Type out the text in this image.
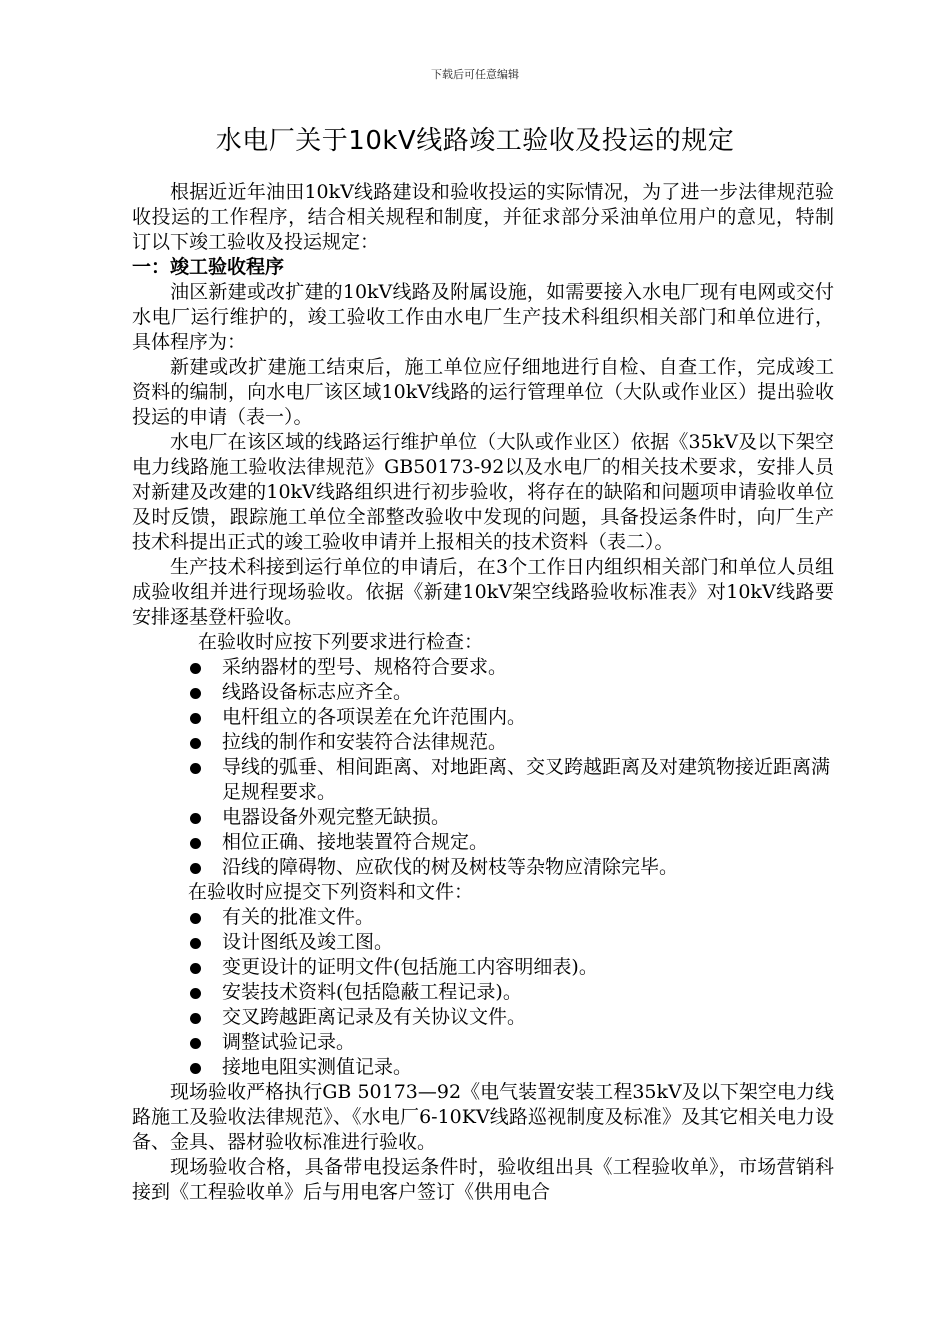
下载后可任意编辑
水电厂关于10kV线路竣工验收及投运的规定

根据近近年油田10kV线路建设和验收投运的实际情况，为了进一步法律规范验收投运的工作程序，结合相关规程和制度，并征求部分采油单位用户的意见，特制订以下竣工验收及投运规定：

一：竣工验收程序

油区新建或改扩建的10kV线路及附属设施，如需要接入水电厂现有电网或交付水电厂运行维护的，竣工验收工作由水电厂生产技术科组织相关部门和单位进行，具体程序为：

新建或改扩建施工结束后，施工单位应仔细地进行自检、自查工作，完成竣工资料的编制，向水电厂该区域10kV线路的运行管理单位（大队或作业区）提出验收投运的申请（表一）。

水电厂在该区域的线路运行维护单位（大队或作业区）依据《35kV及以下架空电力线路施工验收法律规范》GB50173-92以及水电厂的相关技术要求，安排人员对新建及改建的10kV线路组织进行初步验收，将存在的缺陷和问题项申请验收单位及时反馈，跟踪施工单位全部整改验收中发现的问题，具备投运条件时，向厂生产技术科提出正式的竣工验收申请并上报相关的技术资料（表二）。

生产技术科接到运行单位的申请后，在3个工作日内组织相关部门和单位人员组成验收组并进行现场验收。依据《新建10kV架空线路验收标准表》对10kV线路要安排逐基登杆验收。

在验收时应按下列要求进行检查：

采纳器材的型号、规格符合要求。
线路设备标志应齐全。
电杆组立的各项误差在允许范围内。
拉线的制作和安装符合法律规范。
导线的弧垂、相间距离、对地距离、交叉跨越距离及对建筑物接近距离满足规程要求。
电器设备外观完整无缺损。
相位正确、接地装置符合规定。
沿线的障碍物、应砍伐的树及树枝等杂物应清除完毕。

在验收时应提交下列资料和文件：

有关的批准文件。
设计图纸及竣工图。
变更设计的证明文件(包括施工内容明细表)。
安装技术资料(包括隐蔽工程记录)。
交叉跨越距离记录及有关协议文件。
调整试验记录。
接地电阻实测值记录。

现场验收严格执行GB 50173—92《电气装置安装工程35kV及以下架空电力线路施工及验收法律规范》、《水电厂6-10KV线路巡视制度及标准》及其它相关电力设备、金具、器材验收标准进行验收。

现场验收合格，具备带电投运条件时，验收组出具《工程验收单》，市场营销科接到《工程验收单》后与用电客户签订《供用电合
